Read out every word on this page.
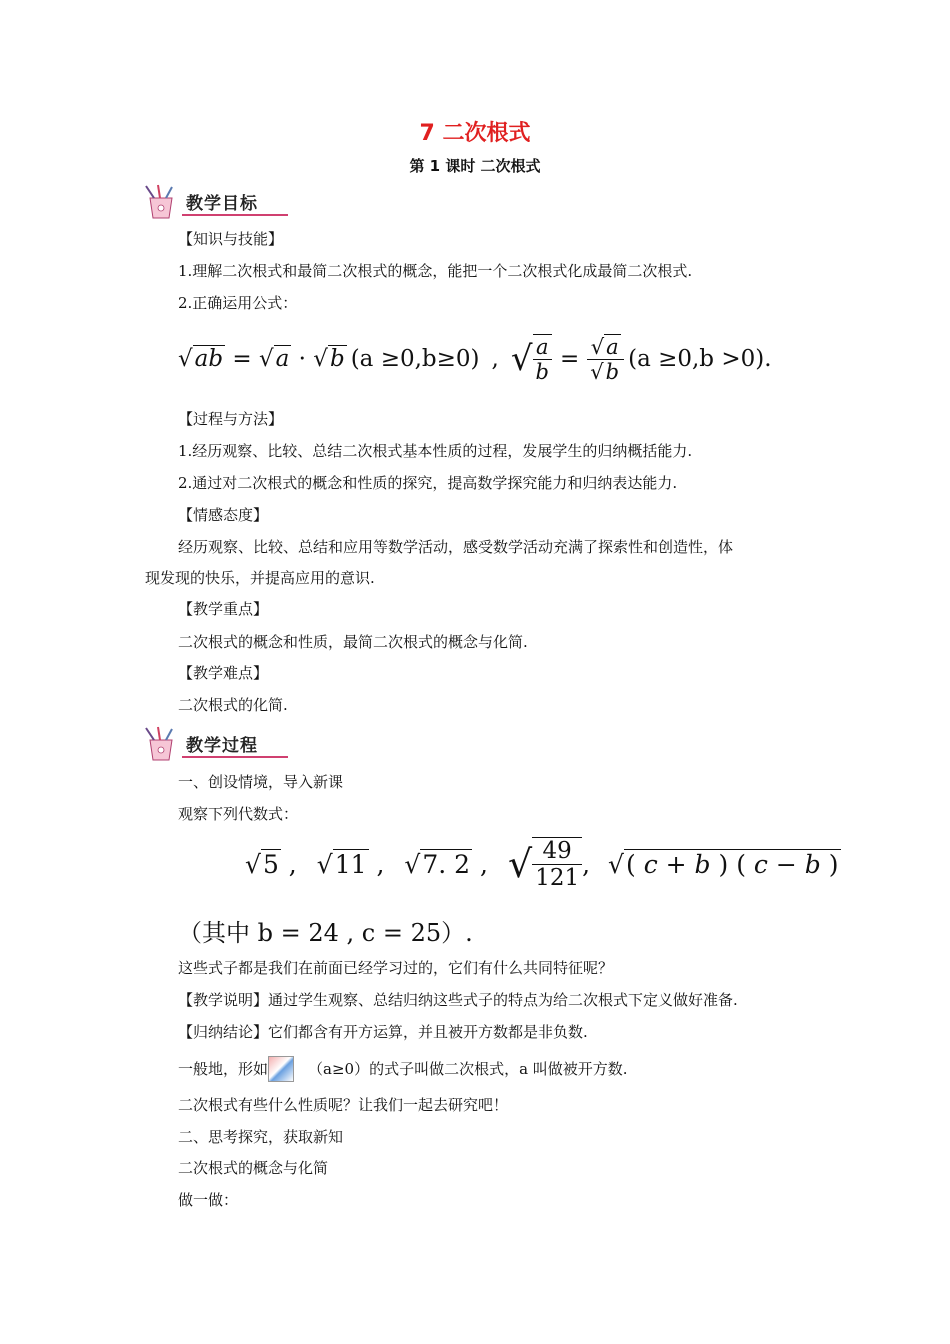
7 二次根式
第 1 课时 二次根式
教学目标
【知识与技能】
1.理解二次根式和最简二次根式的概念，能把一个二次根式化成最简二次根式.
2.正确运用公式：
√ab = √a · √b (a ≥0,b≥0) , √ $\frac{a}{b} = \frac{√a}{√b} (a \ge 0,b >0)$.
【过程与方法】
1.经历观察、比较、总结二次根式基本性质的过程，发展学生的归纳概括能力.
2.通过对二次根式的概念和性质的探究，提高数学探究能力和归纳表达能力.
【情感态度】
经历观察、比较、总结和应用等数学活动，感受数学活动充满了探索性和创造性，体
现发现的快乐，并提高应用的意识.
【教学重点】
二次根式的概念和性质，最简二次根式的概念与化简.
【教学难点】
二次根式的化简.
教学过程
一、创设情境，导入新课
观察下列代数式：
√5 , √11 , √7. 2 , √ $\frac{49}{121}$ , √( c + b ) ( c − b )
（其中 b = 24 , c = 25）.
这些式子都是我们在前面已经学习过的，它们有什么共同特征呢？
【教学说明】通过学生观察、总结归纳这些式子的特点为给二次根式下定义做好准备.
【归纳结论】它们都含有开方运算，并且被开方数都是非负数.
一般地，形如	（a≥0）的式子叫做二次根式，a 叫做被开方数.
二次根式有些什么性质呢？让我们一起去研究吧！
二、思考探究，获取新知
二次根式的概念与化简
做一做：
